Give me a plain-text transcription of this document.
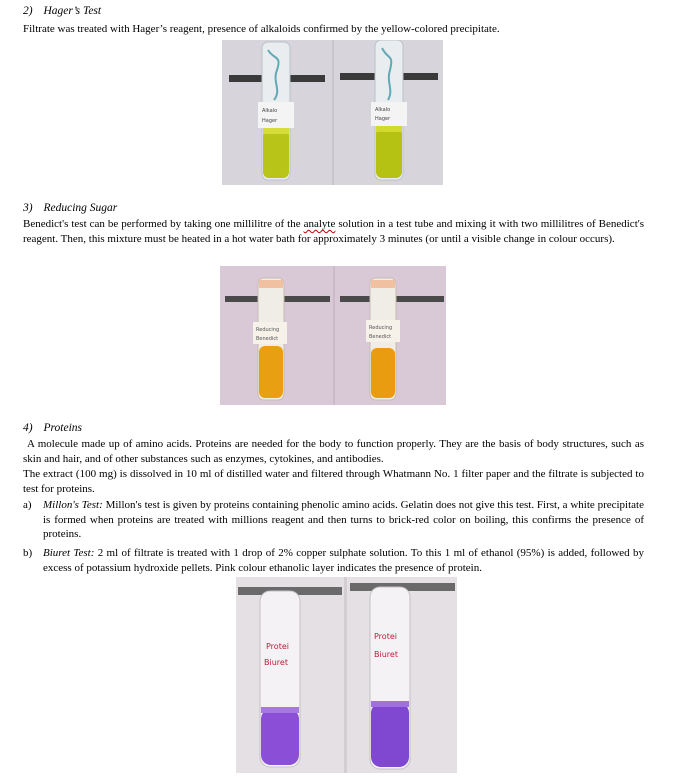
2) Hager’s Test
Filtrate was treated with Hager’s reagent, presence of alkaloids confirmed by the yellow-colored precipitate.
Alkalo
Hager
Alkalo
Hager
3) Reducing Sugar
Benedict's test can be performed by taking one millilitre of the analyte solution in a test tube and mixing it with two millilitres of Benedict's reagent. Then, this mixture must be heated in a hot water bath for approximately 3 minutes (or until a visible change in colour occurs).
Reducing
Benedict
Reducing
Benedict
4) Proteins
A molecule made up of amino acids. Proteins are needed for the body to function properly. They are the basis of body structures, such as skin and hair, and of other substances such as enzymes, cytokines, and antibodies.
The extract (100 mg) is dissolved in 10 ml of distilled water and filtered through Whatmann No. 1 filter paper and the filtrate is subjected to test for proteins.
a) Millon's Test: Millon's test is given by proteins containing phenolic amino acids. Gelatin does not give this test. First, a white precipitate is formed when proteins are treated with millions reagent and then turns to brick-red color on boiling, this confirms the presence of proteins.
b) Biuret Test: 2 ml of filtrate is treated with 1 drop of 2% copper sulphate solution. To this 1 ml of ethanol (95%) is added, followed by excess of potassium hydroxide pellets. Pink colour ethanolic layer indicates the presence of protein.
Protei
Biuret
Protei
Biuret
